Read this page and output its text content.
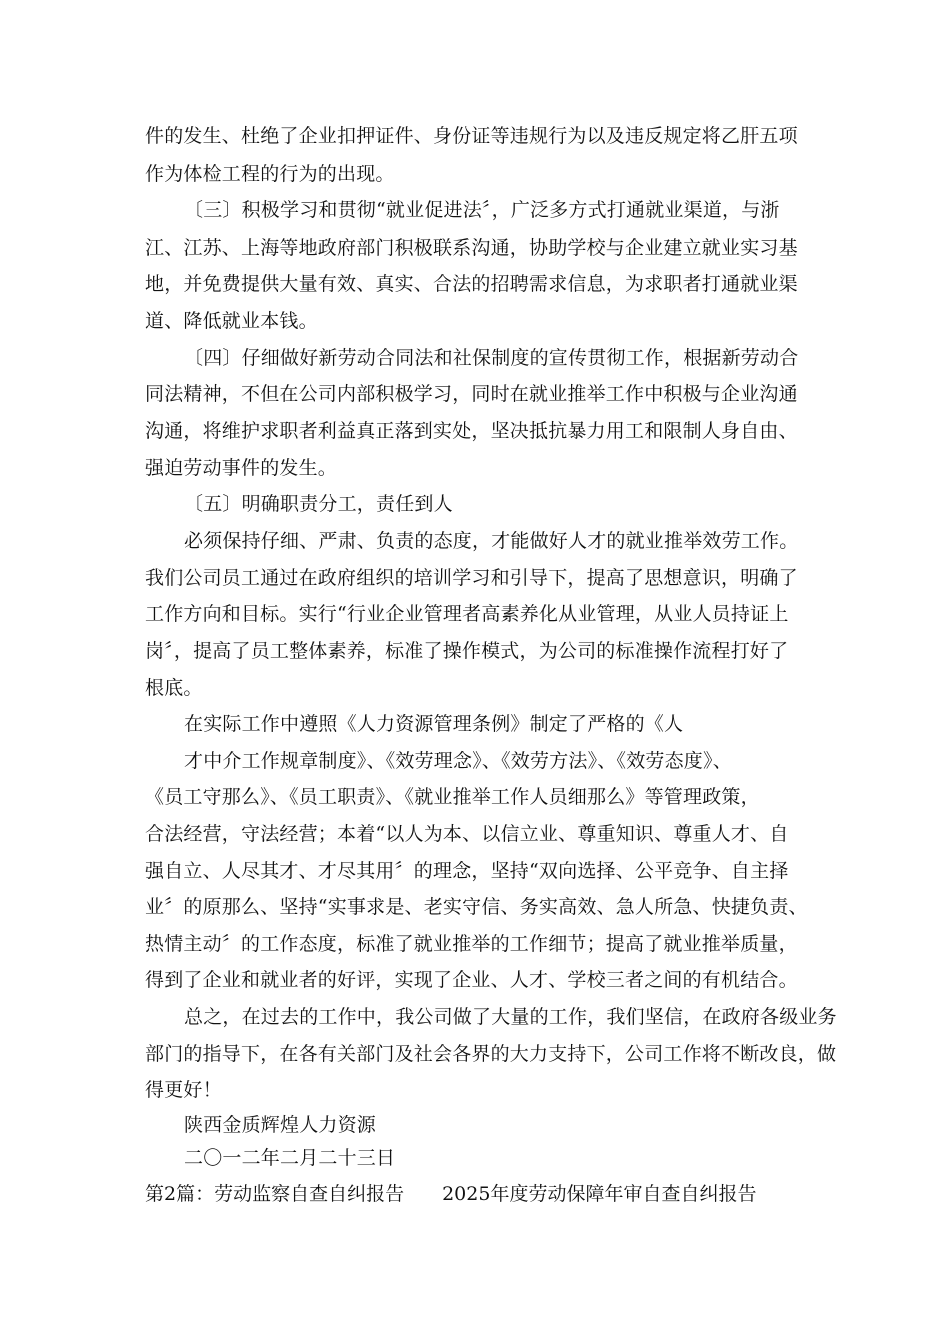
件的发生、杜绝了企业扣押证件、身份证等违规行为以及违反规定将乙肝五项
作为体检工程的行为的出现。
〔三〕积极学习和贯彻“就业促进法〞，广泛多方式打通就业渠道，与浙
江、江苏、上海等地政府部门积极联系沟通，协助学校与企业建立就业实习基
地，并免费提供大量有效、真实、合法的招聘需求信息，为求职者打通就业渠
道、降低就业本钱。
〔四〕仔细做好新劳动合同法和社保制度的宣传贯彻工作，根据新劳动合
同法精神，不但在公司内部积极学习，同时在就业推举工作中积极与企业沟通
沟通，将维护求职者利益真正落到实处，坚决抵抗暴力用工和限制人身自由、
强迫劳动事件的发生。
〔五〕明确职责分工，责任到人
必须保持仔细、严肃、负责的态度，才能做好人才的就业推举效劳工作。
我们公司员工通过在政府组织的培训学习和引导下，提高了思想意识，明确了
工作方向和目标。实行“行业企业管理者高素养化从业管理，从业人员持证上
岗〞，提高了员工整体素养，标准了操作模式，为公司的标准操作流程打好了
根底。
在实际工作中遵照《人力资源管理条例》制定了严格的《人
才中介工作规章制度》、《效劳理念》、《效劳方法》、《效劳态度》、
《员工守那么》、《员工职责》、《就业推举工作人员细那么》等管理政策，
合法经营，守法经营；本着“以人为本、以信立业、尊重知识、尊重人才、自
强自立、人尽其才、才尽其用〞的理念，坚持“双向选择、公平竞争、自主择
业〞的原那么、坚持“实事求是、老实守信、务实高效、急人所急、快捷负责、
热情主动〞的工作态度，标准了就业推举的工作细节；提高了就业推举质量，
得到了企业和就业者的好评，实现了企业、人才、学校三者之间的有机结合。
总之，在过去的工作中，我公司做了大量的工作，我们坚信，在政府各级业务
部门的指导下，在各有关部门及社会各界的大力支持下，公司工作将不断改良，做
得更好！
陕西金质辉煌人力资源
二〇一二年二月二十三日
第2篇：劳动监察自查自纠报告 2025年度劳动保障年审自查自纠报告
